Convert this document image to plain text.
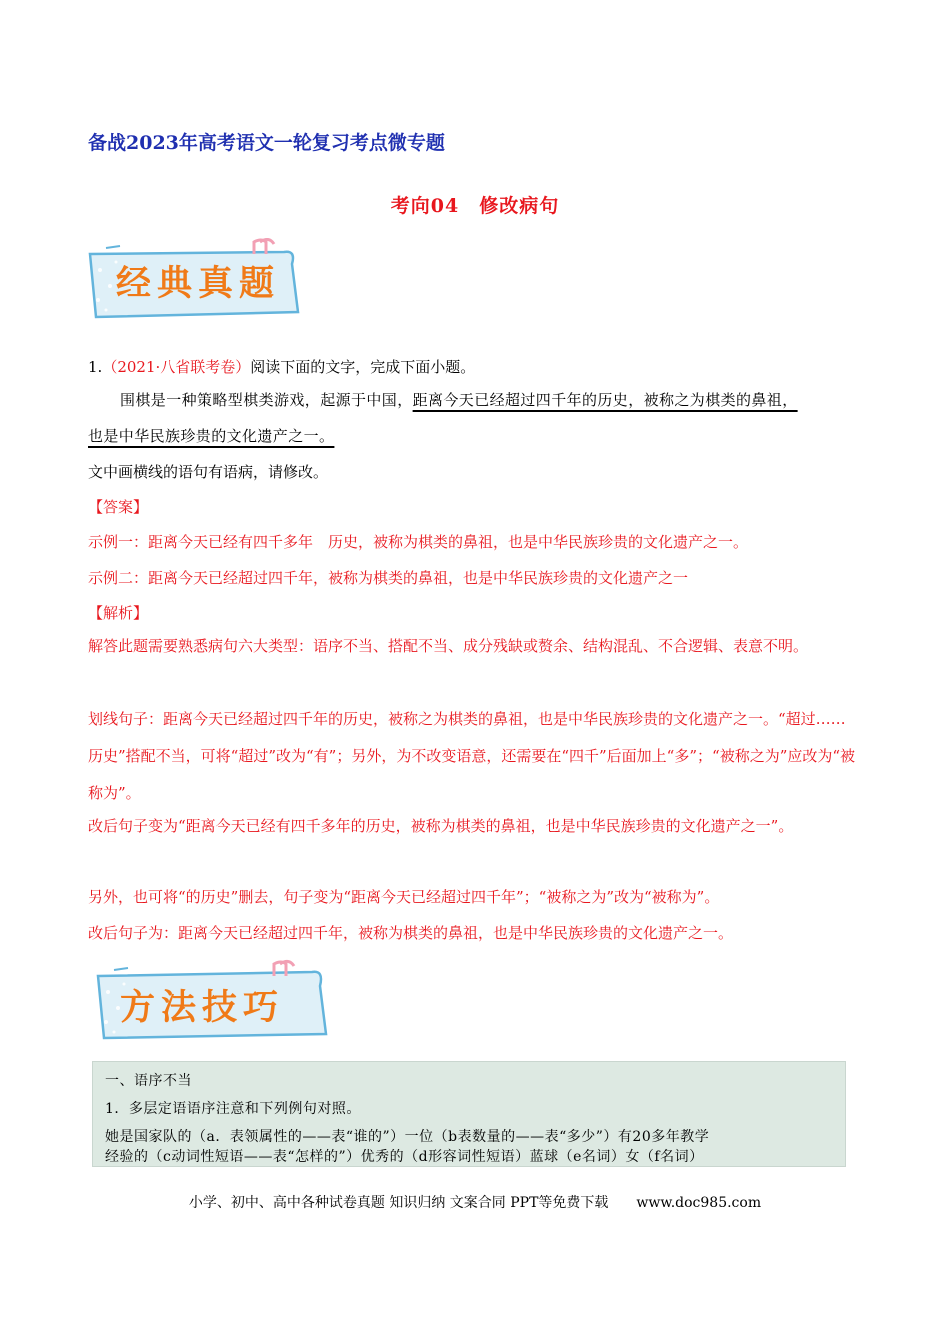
备战2023年高考语文一轮复习考点微专题
考向04　修改病句
经典真题
1.（2021·八省联考卷）阅读下面的文字，完成下面小题。
围棋是一种策略型棋类游戏，起源于中国，距离今天已经超过四千年的历史，被称之为棋类的鼻祖，
也是中华民族珍贵的文化遗产之一。
文中画横线的语句有语病，请修改。
【答案】
示例一：距离今天已经有四千多年　历史，被称为棋类的鼻祖，也是中华民族珍贵的文化遗产之一。
示例二：距离今天已经超过四千年，被称为棋类的鼻祖，也是中华民族珍贵的文化遗产之一
【解析】
解答此题需要熟悉病句六大类型：语序不当、搭配不当、成分残缺或赘余、结构混乱、不合逻辑、表意不明。
划线句子：距离今天已经超过四千年的历史，被称之为棋类的鼻祖，也是中华民族珍贵的文化遗产之一。“超过……历史”搭配不当，可将“超过”改为“有”；另外，为不改变语意，还需要在“四千”后面加上“多”；“被称之为”应改为“被称为”。
改后句子变为“距离今天已经有四千多年的历史，被称为棋类的鼻祖，也是中华民族珍贵的文化遗产之一”。
另外，也可将“的历史”删去，句子变为“距离今天已经超过四千年”；“被称之为”改为“被称为”。
改后句子为：距离今天已经超过四千年，被称为棋类的鼻祖，也是中华民族珍贵的文化遗产之一。
方法技巧
一、语序不当
1．多层定语语序注意和下列例句对照。
她是国家队的（a．表领属性的——表“谁的”）一位（b表数量的——表“多少”）有20多年教学
经验的（c动词性短语——表“怎样的”）优秀的（d形容词性短语）蓝球（e名词）女（f名词）
小学、初中、高中各种试卷真题 知识归纳 文案合同 PPT等免费下载　　www.doc985.com
